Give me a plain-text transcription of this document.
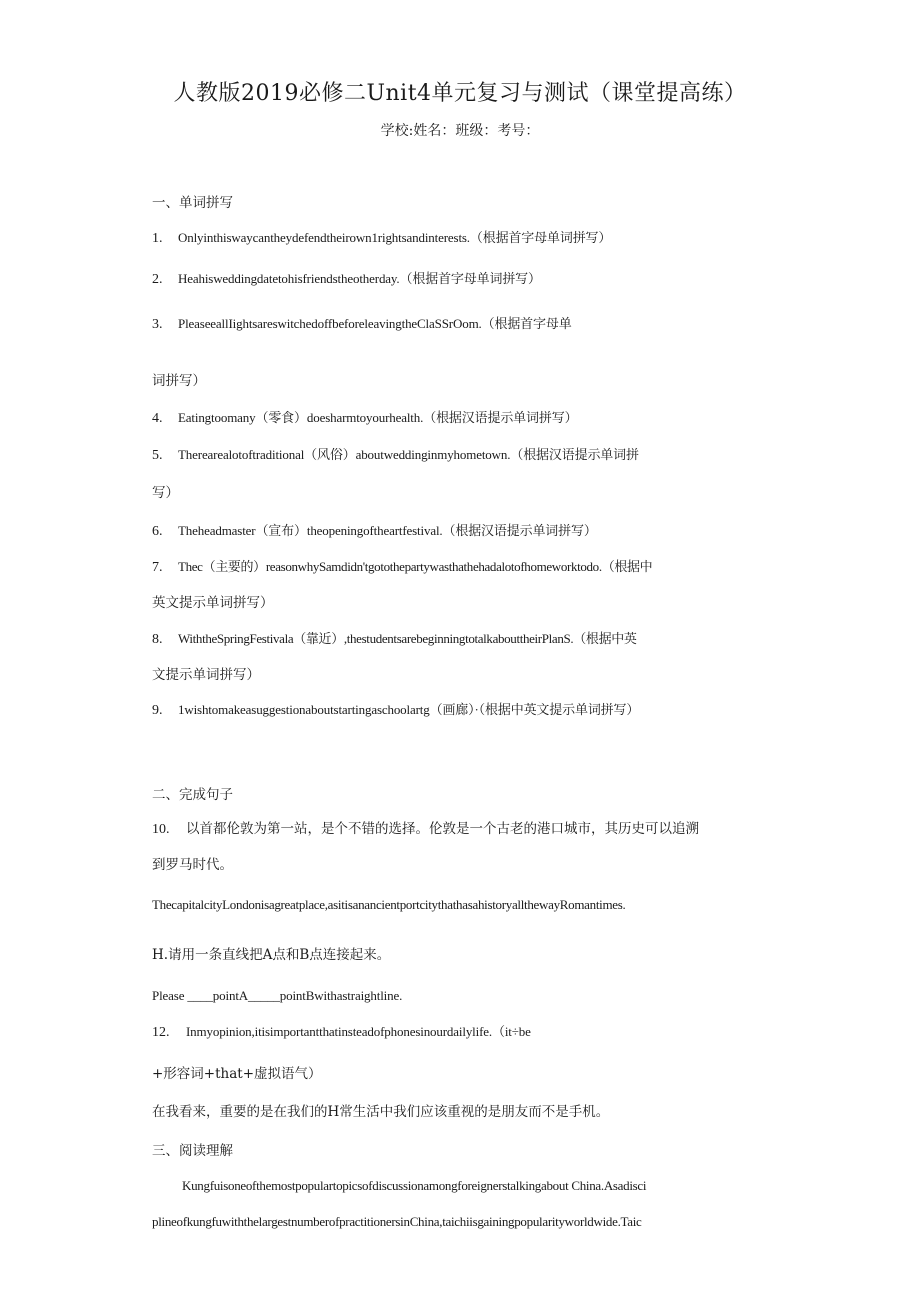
人教版2019必修二Unit4单元复习与测试（课堂提高练）
学校:姓名：班级：考号：
一、单词拼写
1. Onlyinthiswaycantheydefendtheirown1rightsandinterests.（根据首字母单词拼写）
2. Heahisweddingdatetohisfriendstheotherday.（根据首字母单词拼写）
3. PleaseeallIightsareswitchedoffbeforeleavingtheClaSSrOom.（根据首字母单
词拼写）
4. Eatingtoomany（零食）doesharmtoyourhealth.（根据汉语提示单词拼写）
5. Therearealotoftraditional（风俗）aboutweddinginmyhometown.（根据汉语提示单词拼
写）
6. Theheadmaster（宣布）theopeningoftheartfestival.（根据汉语提示单词拼写）
7. Thec（主要的）reasonwhySamdidn'tgotothepartywasthathehadalotofhomeworktodo.（根据中
英文提示单词拼写）
8. WiththeSpringFestivala（靠近）,thestudentsarebeginningtotalkabouttheirPlanS.（根据中英
文提示单词拼写）
9. 1wishtomakeasuggestionaboutstartingaschoolartg（画廊）·（根据中英文提示单词拼写）
二、完成句子
10. 以首都伦敦为第一站，是个不错的选择。伦敦是一个古老的港口城市，其历史可以追溯
到罗马时代。
ThecapitalcityLondonisagreatplace,asitisanancientportcitythathasahistoryallthewayRomantimes.
H.请用一条直线把A点和B点连接起来。
Please ____pointA_____pointBwithastraightline.
12. Inmyopinion,itisimportantthatinsteadofphonesinourdailylife.（it÷be
+形容词+that+虚拟语气）
在我看来，重要的是在我们的H常生活中我们应该重视的是朋友而不是手机。
三、阅读理解
Kungfuisoneofthemostpopulartopicsofdiscussionamongforeignerstalkingabout China.Asadisci
plineofkungfuwiththelargestnumberofpractitionersinChina,taichiisgainingpopularityworldwide.Taic
